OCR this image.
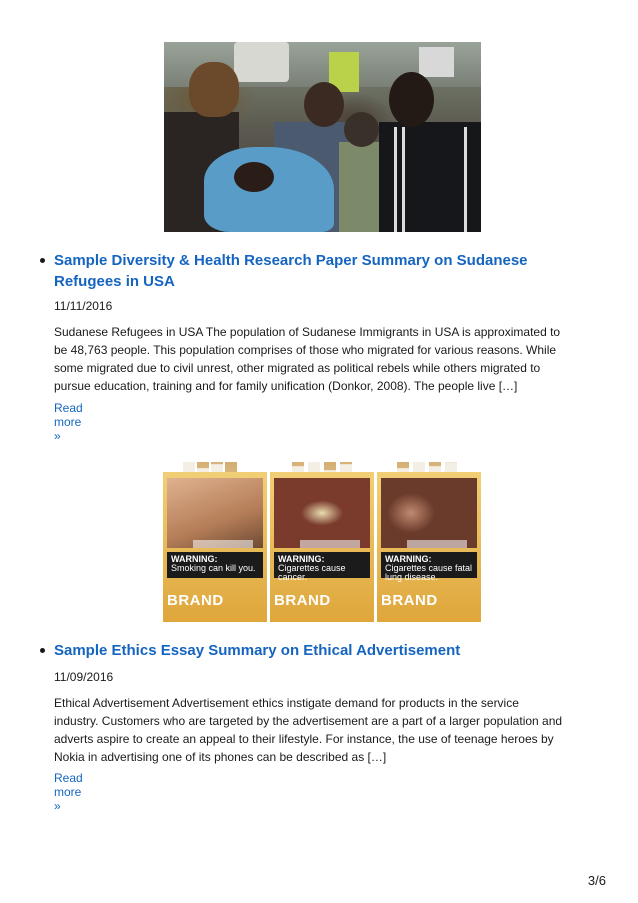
Sample Diversity & Health Research Paper Summary on Sudanese Refugees in USA
11/11/2016
Sudanese Refugees in USA The population of Sudanese Immigrants in USA is approximated to be 48,763 people. This population comprises of those who migrated for various reasons. While some migrated due to civil unrest, other migrated as political rebels while others migrated to pursue education, training and for family unification (Donkor, 2008). The people live […]
Read more »
WARNING:
Smoking can kill you.
BRAND
WARNING:
Cigarettes cause cancer.
BRAND
WARNING:
Cigarettes cause fatal lung disease.
BRAND
Sample Ethics Essay Summary on Ethical Advertisement
11/09/2016
Ethical Advertisement Advertisement ethics instigate demand for products in the service industry. Customers who are targeted by the advertisement are a part of a larger population and adverts aspire to create an appeal to their lifestyle. For instance, the use of teenage heroes by Nokia in advertising one of its phones can be described as […]
Read more »
3/6
